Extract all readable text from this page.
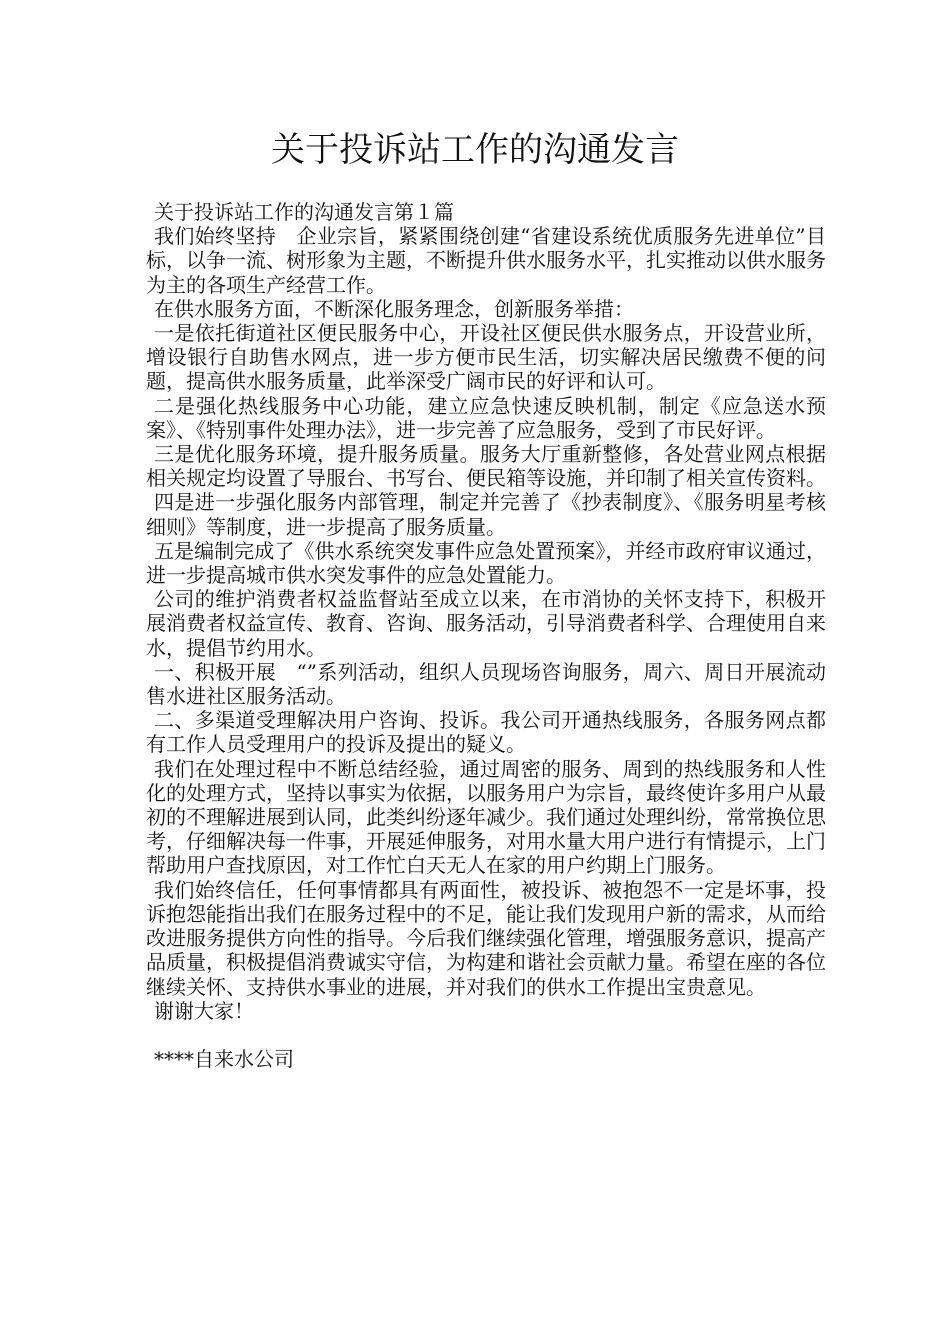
关于投诉站工作的沟通发言

关于投诉站工作的沟通发言第１篇

我们始终坚持　企业宗旨，紧紧围绕创建“省建设系统优质服务先进单位”目标，以争一流、树形象为主题，不断提升供水服务水平，扎实推动以供水服务为主的各项生产经营工作。

在供水服务方面，不断深化服务理念，创新服务举措：

一是依托街道社区便民服务中心，开设社区便民供水服务点，开设营业所，增设银行自助售水网点，进一步方便市民生活，切实解决居民缴费不便的问题，提高供水服务质量，此举深受广阔市民的好评和认可。

二是强化热线服务中心功能，建立应急快速反映机制，制定《应急送水预案》、《特别事件处理办法》，进一步完善了应急服务，受到了市民好评。

三是优化服务环境，提升服务质量。服务大厅重新整修，各处营业网点根据相关规定均设置了导服台、书写台、便民箱等设施，并印制了相关宣传资料。

四是进一步强化服务内部管理，制定并完善了《抄表制度》、《服务明星考核细则》等制度，进一步提高了服务质量。

五是编制完成了《供水系统突发事件应急处置预案》，并经市政府审议通过，进一步提高城市供水突发事件的应急处置能力。

公司的维护消费者权益监督站至成立以来，在市消协的关怀支持下，积极开展消费者权益宣传、教育、咨询、服务活动，引导消费者科学、合理使用自来水，提倡节约用水。

一、积极开展　“”系列活动，组织人员现场咨询服务，周六、周日开展流动售水进社区服务活动。

二、多渠道受理解决用户咨询、投诉。我公司开通热线服务，各服务网点都有工作人员受理用户的投诉及提出的疑义。

我们在处理过程中不断总结经验，通过周密的服务、周到的热线服务和人性化的处理方式，坚持以事实为依据，以服务用户为宗旨，最终使许多用户从最初的不理解进展到认同，此类纠纷逐年减少。我们通过处理纠纷，常常换位思考，仔细解决每一件事，开展延伸服务，对用水量大用户进行有情提示，上门帮助用户查找原因，对工作忙白天无人在家的用户约期上门服务。

我们始终信任，任何事情都具有两面性，被投诉、被抱怨不一定是坏事，投诉抱怨能指出我们在服务过程中的不足，能让我们发现用户新的需求，从而给改进服务提供方向性的指导。今后我们继续强化管理，增强服务意识，提高产品质量，积极提倡消费诚实守信，为构建和谐社会贡献力量。希望在座的各位继续关怀、支持供水事业的进展，并对我们的供水工作提出宝贵意见。

谢谢大家！

****自来水公司
